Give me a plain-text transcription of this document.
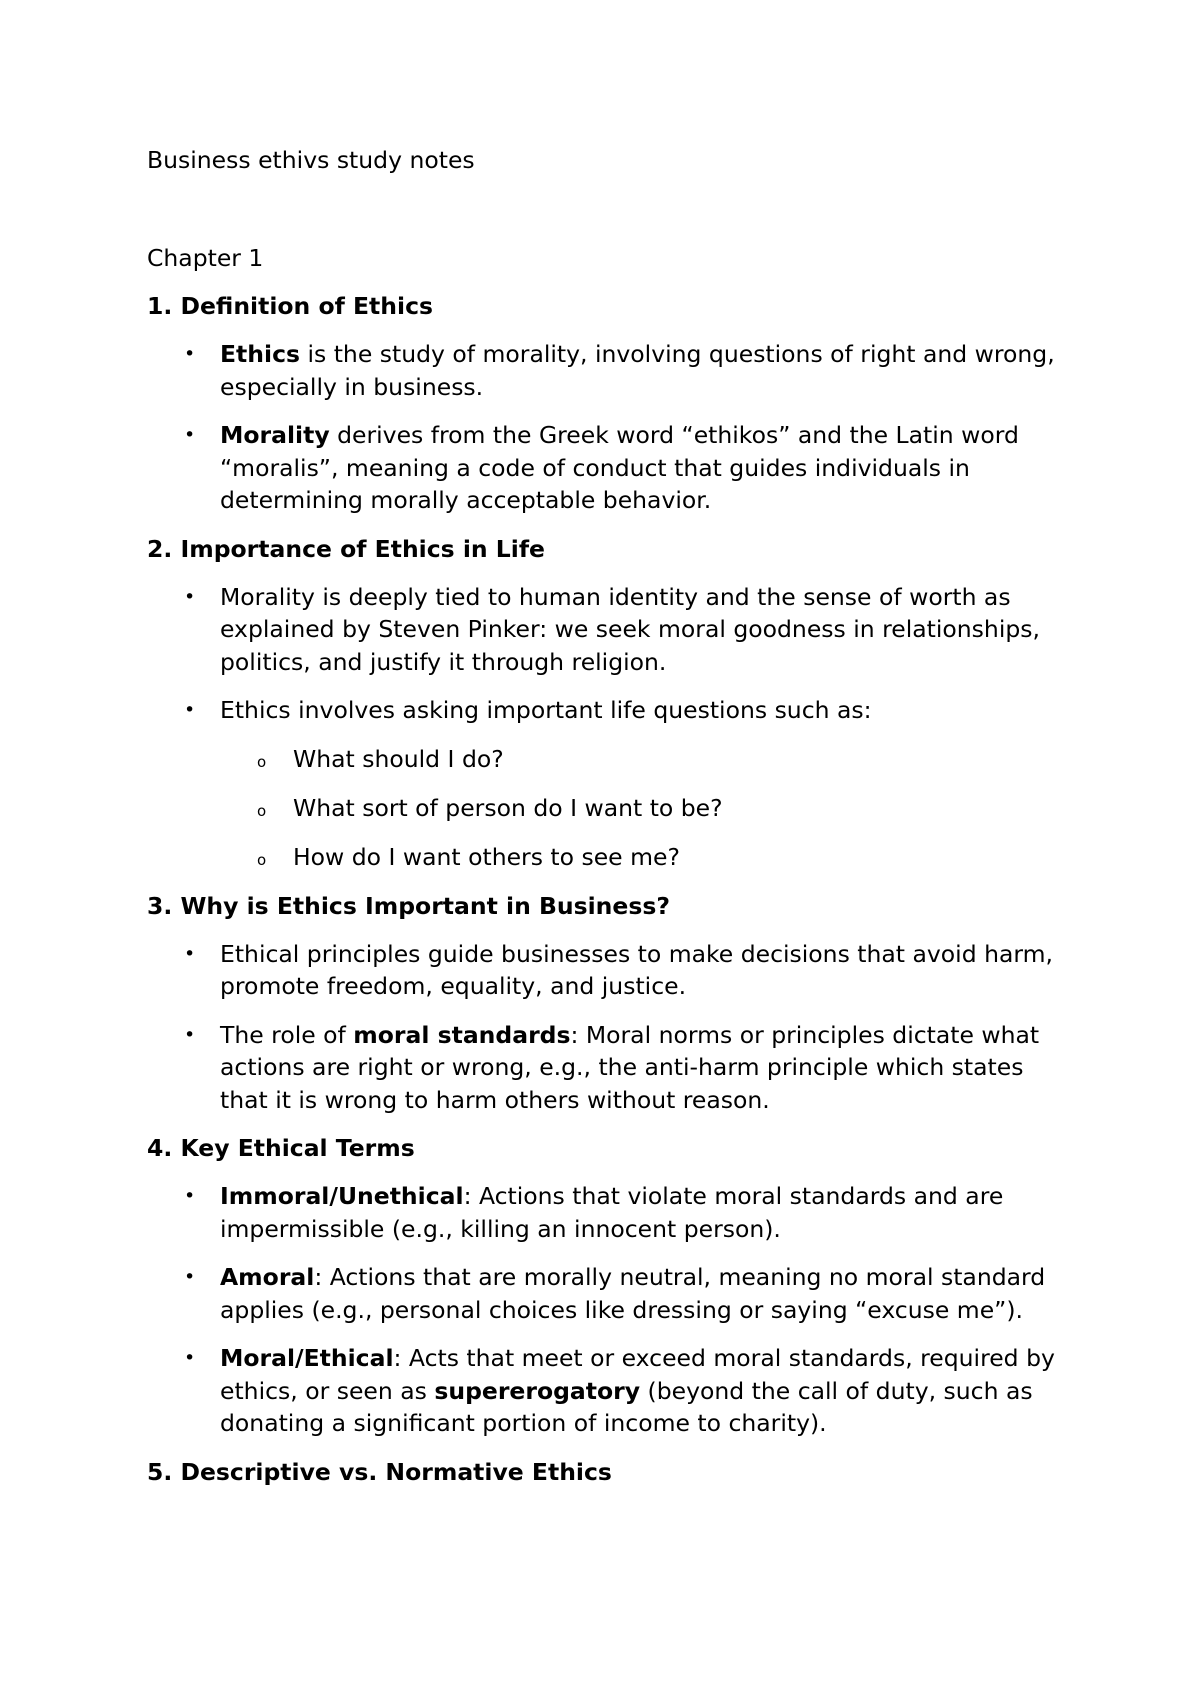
Business ethivs study notes
Chapter 1
1. Definition of Ethics
• Ethics is the study of morality, involving questions of right and wrong, especially in business.
• Morality derives from the Greek word “ethikos” and the Latin word “moralis”, meaning a code of conduct that guides individuals in determining morally acceptable behavior.
2. Importance of Ethics in Life
• Morality is deeply tied to human identity and the sense of worth as explained by Steven Pinker: we seek moral goodness in relationships, politics, and justify it through religion.
• Ethics involves asking important life questions such as:
o What should I do?
o What sort of person do I want to be?
o How do I want others to see me?
3. Why is Ethics Important in Business?
• Ethical principles guide businesses to make decisions that avoid harm, promote freedom, equality, and justice.
• The role of moral standards: Moral norms or principles dictate what actions are right or wrong, e.g., the anti-harm principle which states that it is wrong to harm others without reason.
4. Key Ethical Terms
• Immoral/Unethical: Actions that violate moral standards and are impermissible (e.g., killing an innocent person).
• Amoral: Actions that are morally neutral, meaning no moral standard applies (e.g., personal choices like dressing or saying “excuse me”).
• Moral/Ethical: Acts that meet or exceed moral standards, required by ethics, or seen as supererogatory (beyond the call of duty, such as donating a significant portion of income to charity).
5. Descriptive vs. Normative Ethics
